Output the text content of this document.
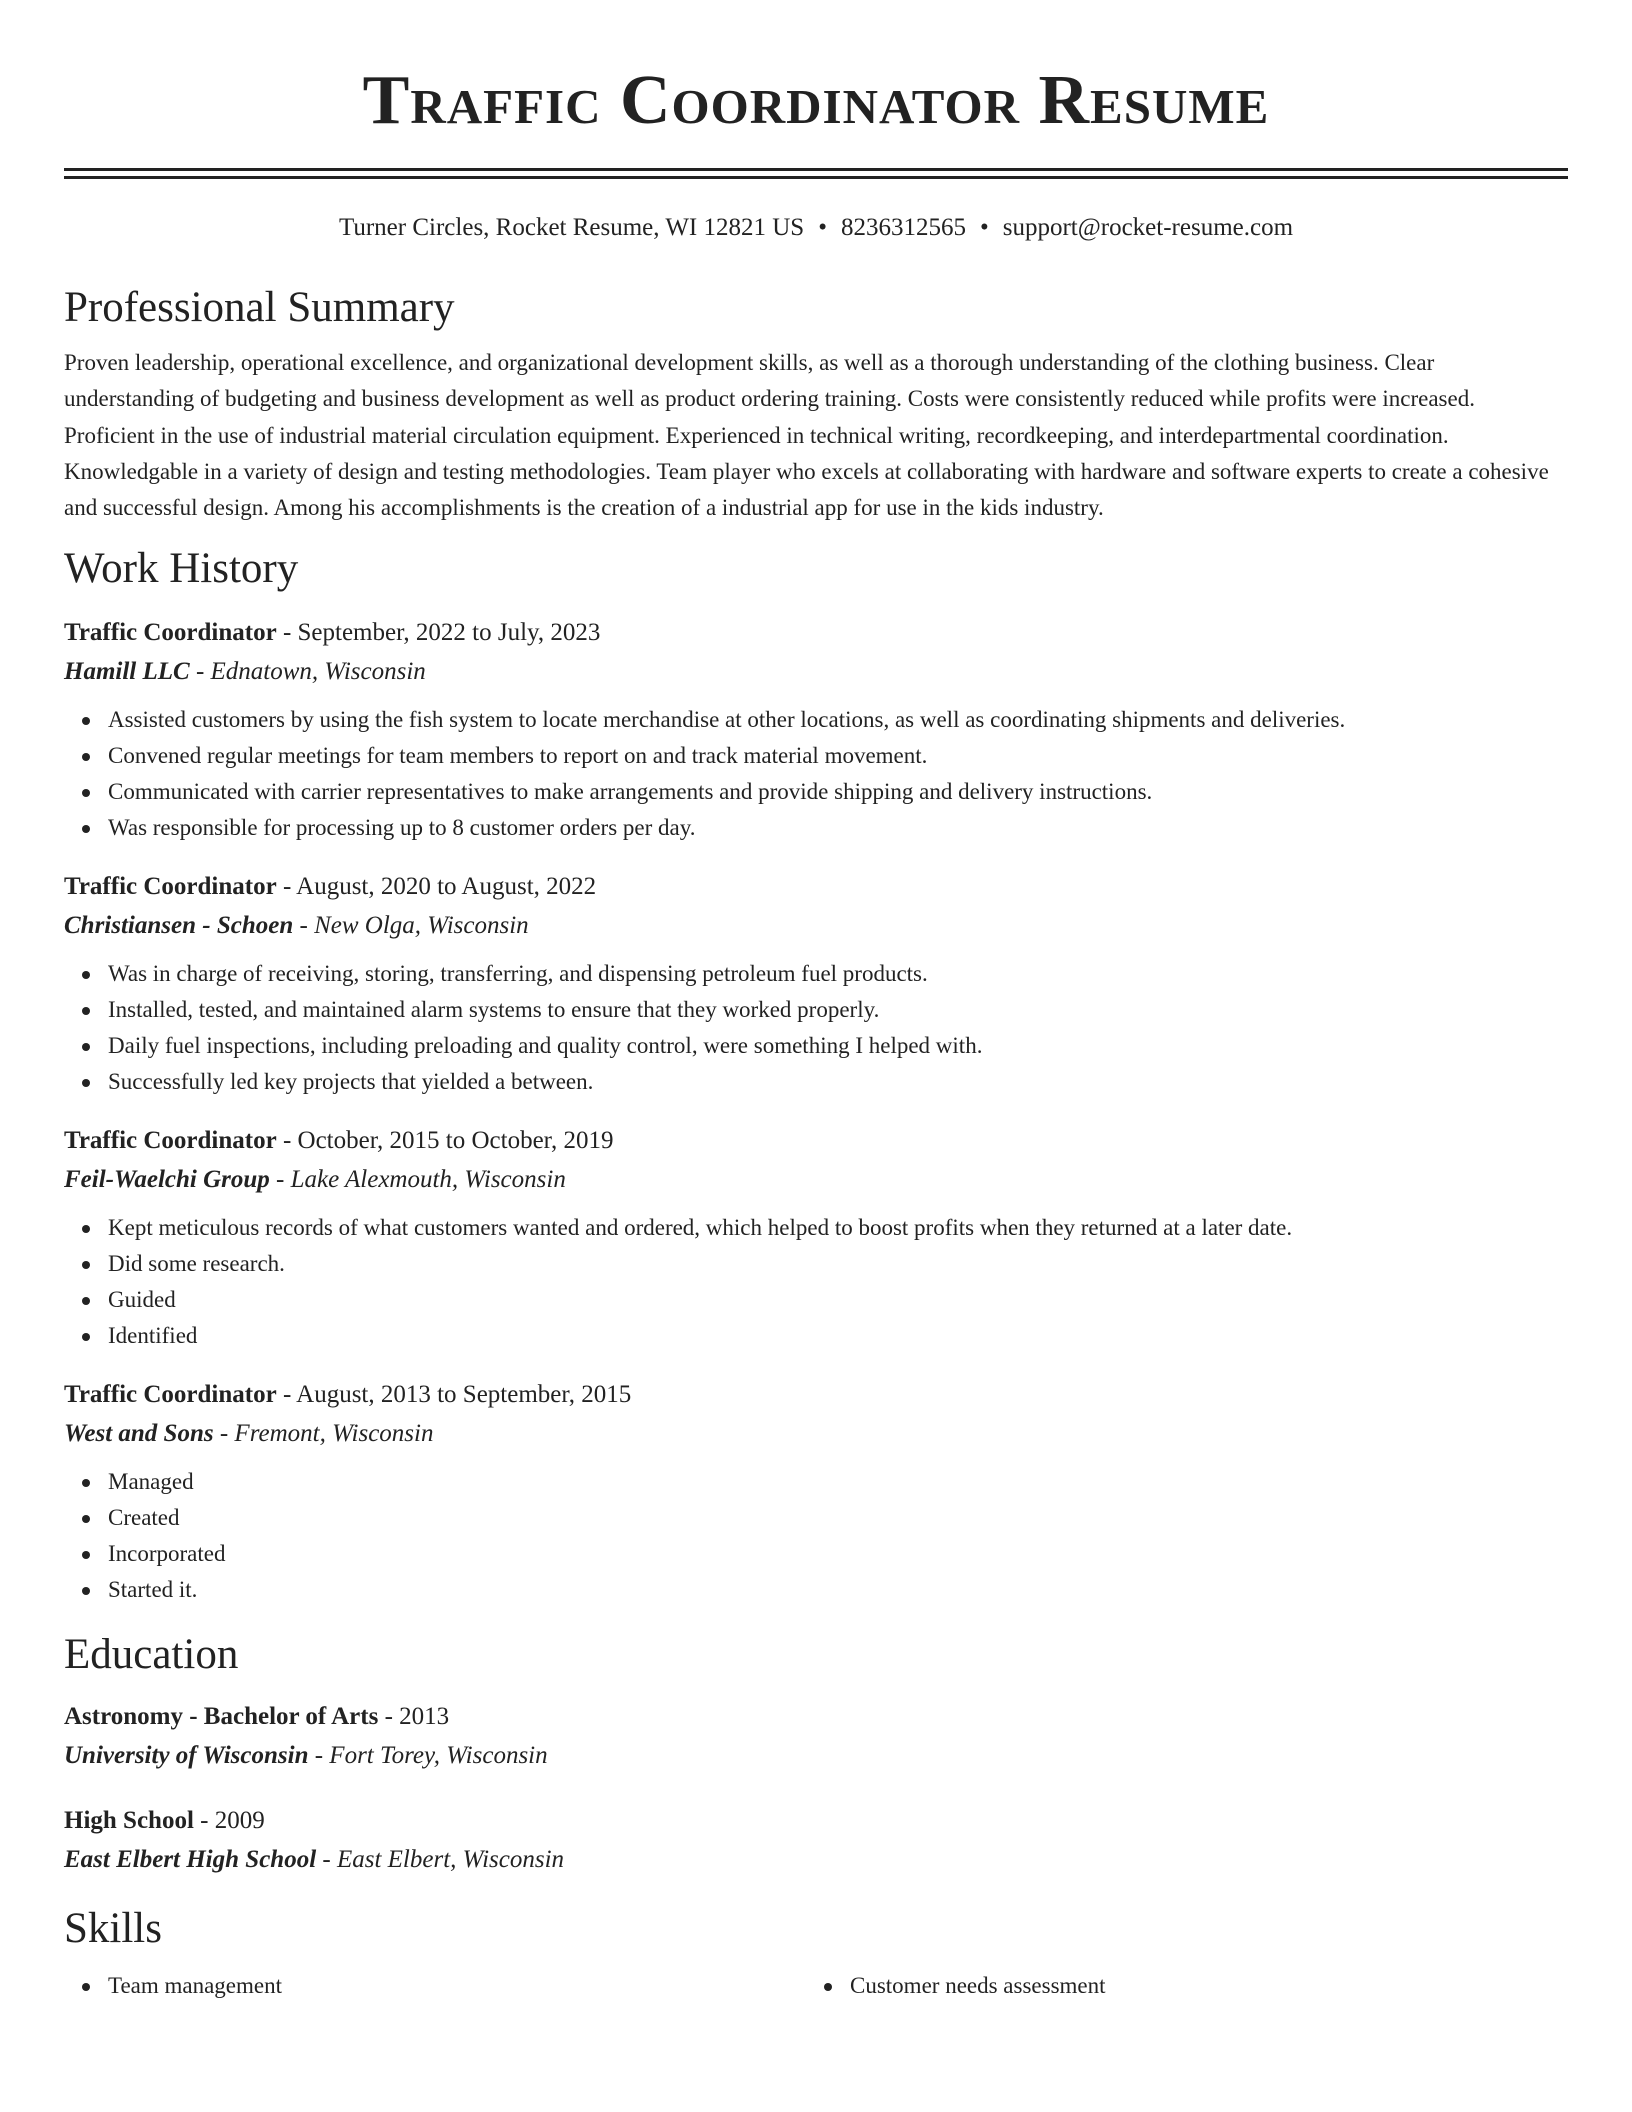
Traffic Coordinator Resume
Turner Circles, Rocket Resume, WI 12821 US • 8236312565 • support@rocket-resume.com
Professional Summary
Proven leadership, operational excellence, and organizational development skills, as well as a thorough understanding of the clothing business. Clear understanding of budgeting and business development as well as product ordering training. Costs were consistently reduced while profits were increased. Proficient in the use of industrial material circulation equipment. Experienced in technical writing, recordkeeping, and interdepartmental coordination. Knowledgable in a variety of design and testing methodologies. Team player who excels at collaborating with hardware and software experts to create a cohesive and successful design. Among his accomplishments is the creation of a industrial app for use in the kids industry.
Work History
Traffic Coordinator - September, 2022 to July, 2023
Hamill LLC - Ednatown, Wisconsin
Assisted customers by using the fish system to locate merchandise at other locations, as well as coordinating shipments and deliveries.
Convened regular meetings for team members to report on and track material movement.
Communicated with carrier representatives to make arrangements and provide shipping and delivery instructions.
Was responsible for processing up to 8 customer orders per day.
Traffic Coordinator - August, 2020 to August, 2022
Christiansen - Schoen - New Olga, Wisconsin
Was in charge of receiving, storing, transferring, and dispensing petroleum fuel products.
Installed, tested, and maintained alarm systems to ensure that they worked properly.
Daily fuel inspections, including preloading and quality control, were something I helped with.
Successfully led key projects that yielded a between.
Traffic Coordinator - October, 2015 to October, 2019
Feil-Waelchi Group - Lake Alexmouth, Wisconsin
Kept meticulous records of what customers wanted and ordered, which helped to boost profits when they returned at a later date.
Did some research.
Guided
Identified
Traffic Coordinator - August, 2013 to September, 2015
West and Sons - Fremont, Wisconsin
Managed
Created
Incorporated
Started it.
Education
Astronomy - Bachelor of Arts - 2013
University of Wisconsin - Fort Torey, Wisconsin
High School - 2009
East Elbert High School - East Elbert, Wisconsin
Skills
Team management	Customer needs assessment
